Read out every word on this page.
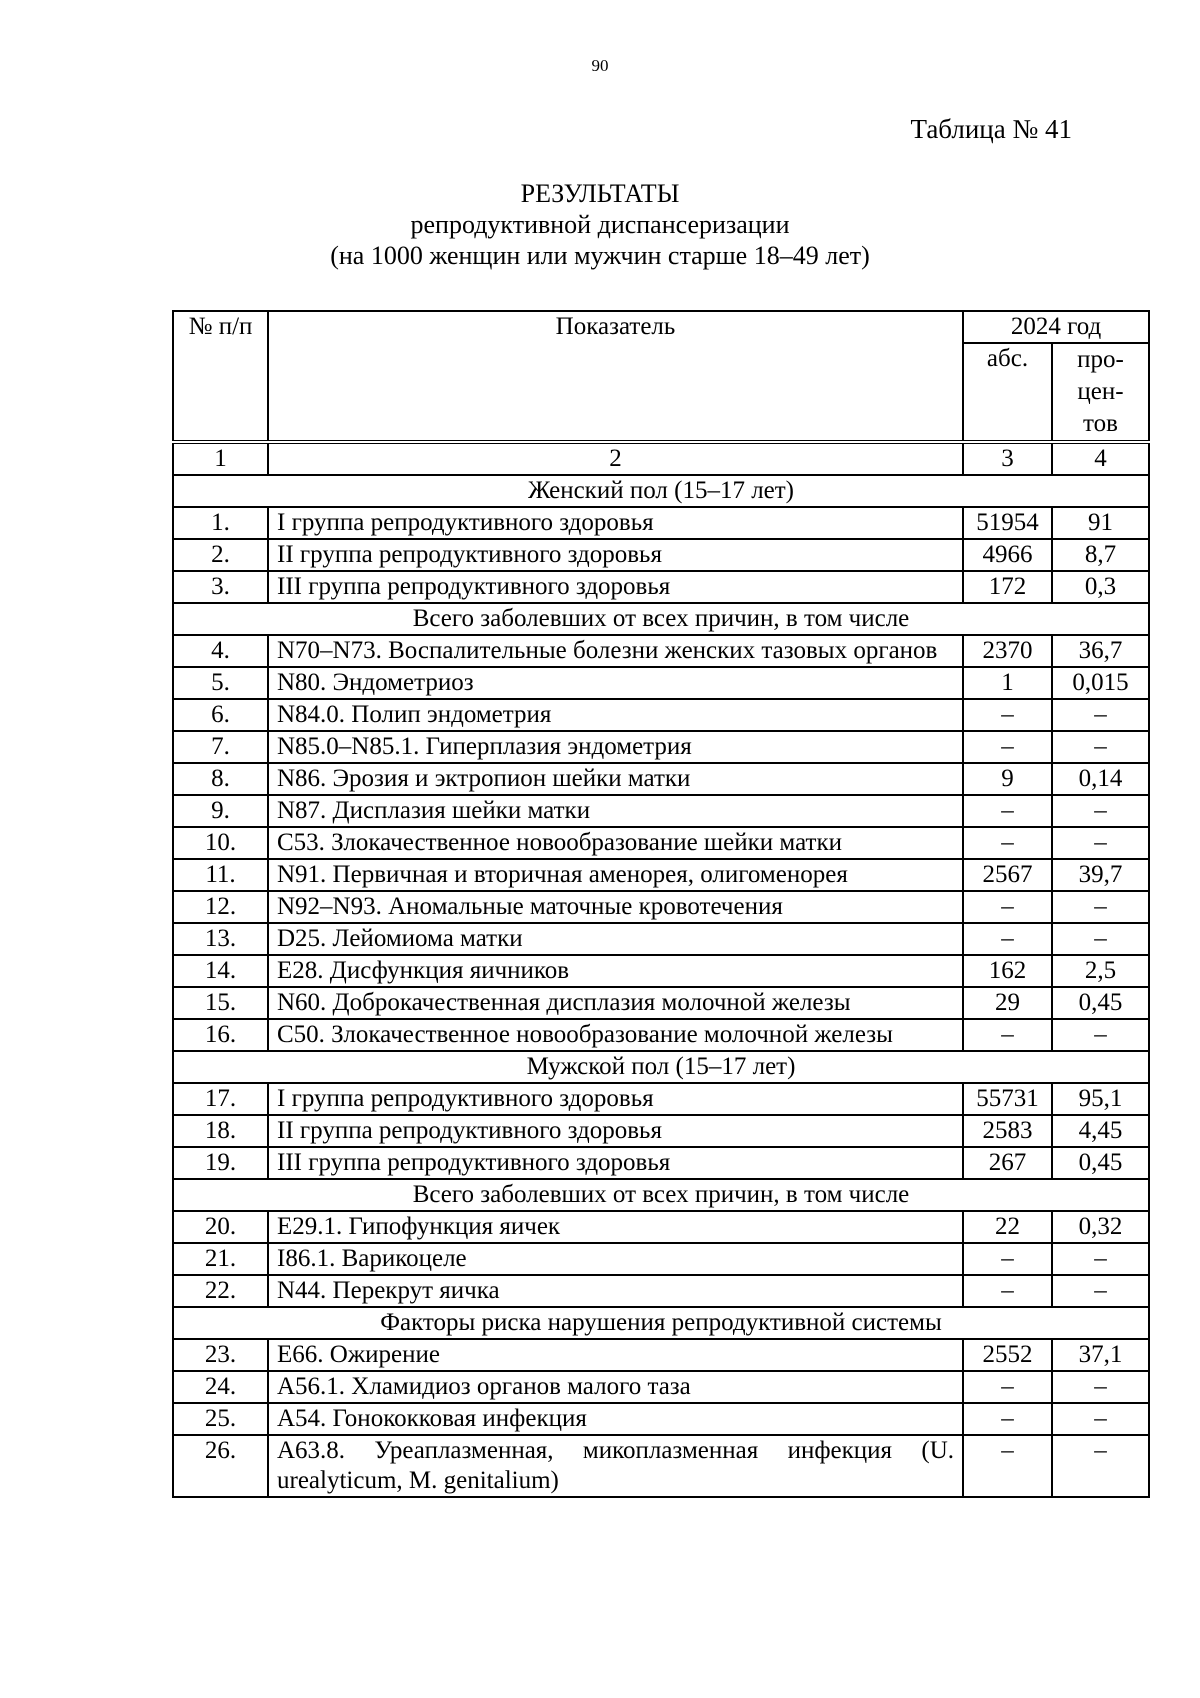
90
Таблица № 41
РЕЗУЛЬТАТЫ
репродуктивной диспансеризации
(на 1000 женщин или мужчин старше 18–49 лет)
№ п/п	Показатель	2024 год	
		абс.	про- цен- тов
1	2	3	4
Женский пол (15–17 лет)			
1.	I группа репродуктивного здоровья	51954	91
2.	II группа репродуктивного здоровья	4966	8,7
3.	III группа репродуктивного здоровья	172	0,3
Всего заболевших от всех причин, в том числе			
4.	N70–N73. Воспалительные болезни женских тазовых органов	2370	36,7
5.	N80. Эндометриоз	1	0,015
6.	N84.0. Полип эндометрия	–	–
7.	N85.0–N85.1. Гиперплазия эндометрия	–	–
8.	N86. Эрозия и эктропион шейки матки	9	0,14
9.	N87. Дисплазия шейки матки	–	–
10.	C53. Злокачественное новообразование шейки матки	–	–
11.	N91. Первичная и вторичная аменорея, олигоменорея	2567	39,7
12.	N92–N93. Аномальные маточные кровотечения	–	–
13.	D25. Лейомиома матки	–	–
14.	E28. Дисфункция яичников	162	2,5
15.	N60. Доброкачественная дисплазия молочной железы	29	0,45
16.	C50. Злокачественное новообразование молочной железы	–	–
Мужской пол (15–17 лет)			
17.	I группа репродуктивного здоровья	55731	95,1
18.	II группа репродуктивного здоровья	2583	4,45
19.	III группа репродуктивного здоровья	267	0,45
Всего заболевших от всех причин, в том числе			
20.	E29.1. Гипофункция яичек	22	0,32
21.	I86.1. Варикоцеле	–	–
22.	N44. Перекрут яичка	–	–
Факторы риска нарушения репродуктивной системы			
23.	E66. Ожирение	2552	37,1
24.	A56.1. Хламидиоз органов малого таза	–	–
25.	A54. Гонококковая инфекция	–	–
26.	A63.8. Уреаплазменная, микоплазменная инфекция (U. urealyticum, M. genitalium)	–	–
